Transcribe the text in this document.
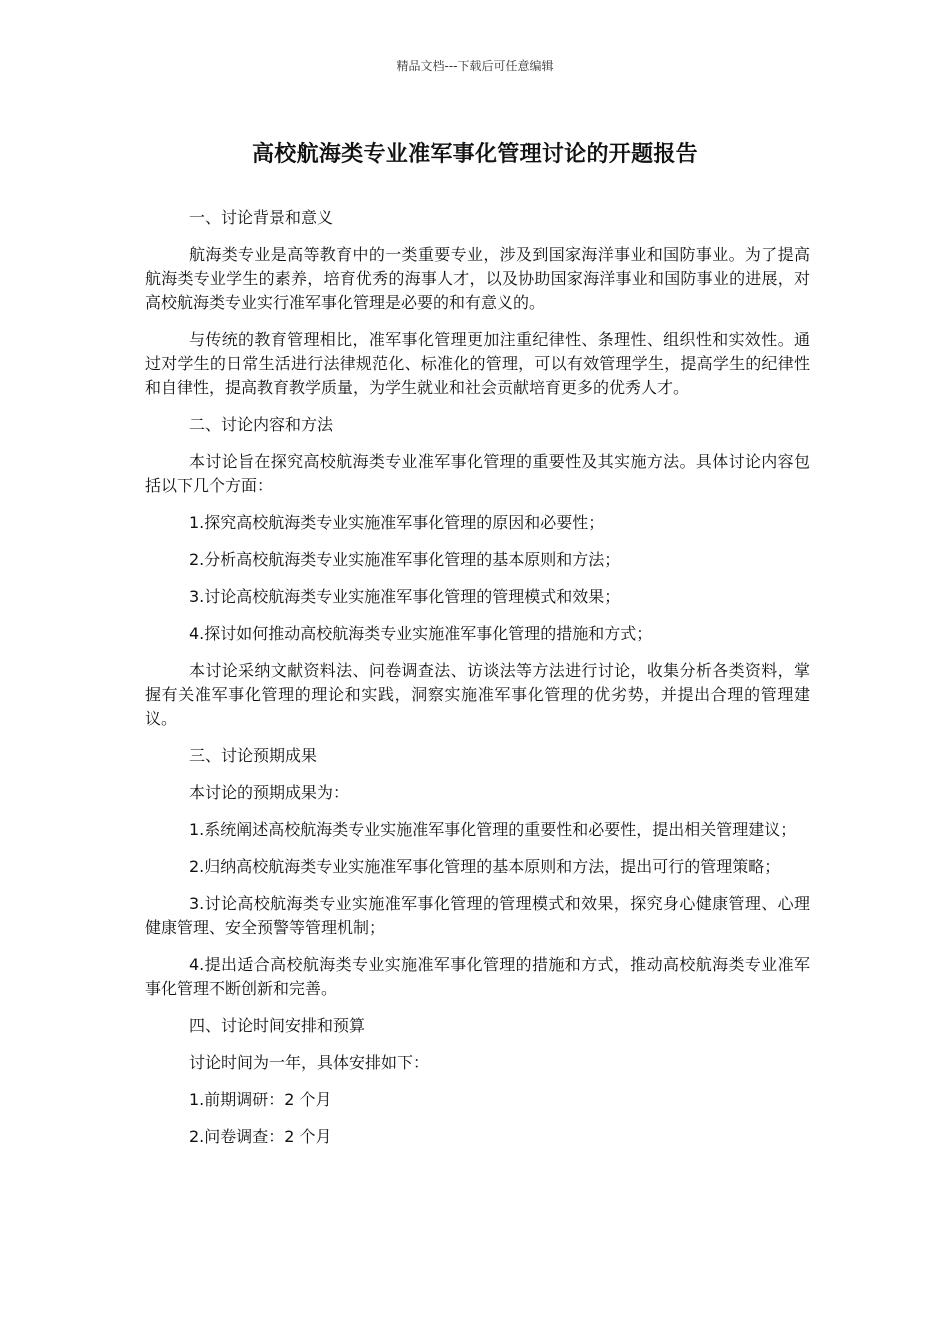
精品文档---下载后可任意编辑
高校航海类专业准军事化管理讨论的开题报告

一、讨论背景和意义

航海类专业是高等教育中的一类重要专业，涉及到国家海洋事业和国防事业。为了提高航海类专业学生的素养，培育优秀的海事人才，以及协助国家海洋事业和国防事业的进展，对高校航海类专业实行准军事化管理是必要的和有意义的。

与传统的教育管理相比，准军事化管理更加注重纪律性、条理性、组织性和实效性。通过对学生的日常生活进行法律规范化、标准化的管理，可以有效管理学生，提高学生的纪律性和自律性，提高教育教学质量，为学生就业和社会贡献培育更多的优秀人才。

二、讨论内容和方法

本讨论旨在探究高校航海类专业准军事化管理的重要性及其实施方法。具体讨论内容包括以下几个方面：

1.探究高校航海类专业实施准军事化管理的原因和必要性；

2.分析高校航海类专业实施准军事化管理的基本原则和方法；

3.讨论高校航海类专业实施准军事化管理的管理模式和效果；

4.探讨如何推动高校航海类专业实施准军事化管理的措施和方式；

本讨论采纳文献资料法、问卷调查法、访谈法等方法进行讨论，收集分析各类资料，掌握有关准军事化管理的理论和实践，洞察实施准军事化管理的优劣势，并提出合理的管理建议。

三、讨论预期成果

本讨论的预期成果为：

1.系统阐述高校航海类专业实施准军事化管理的重要性和必要性，提出相关管理建议；

2.归纳高校航海类专业实施准军事化管理的基本原则和方法，提出可行的管理策略；

3.讨论高校航海类专业实施准军事化管理的管理模式和效果，探究身心健康管理、心理健康管理、安全预警等管理机制；

4.提出适合高校航海类专业实施准军事化管理的措施和方式，推动高校航海类专业准军事化管理不断创新和完善。

四、讨论时间安排和预算

讨论时间为一年，具体安排如下：

1.前期调研：2 个月

2.问卷调查：2 个月
